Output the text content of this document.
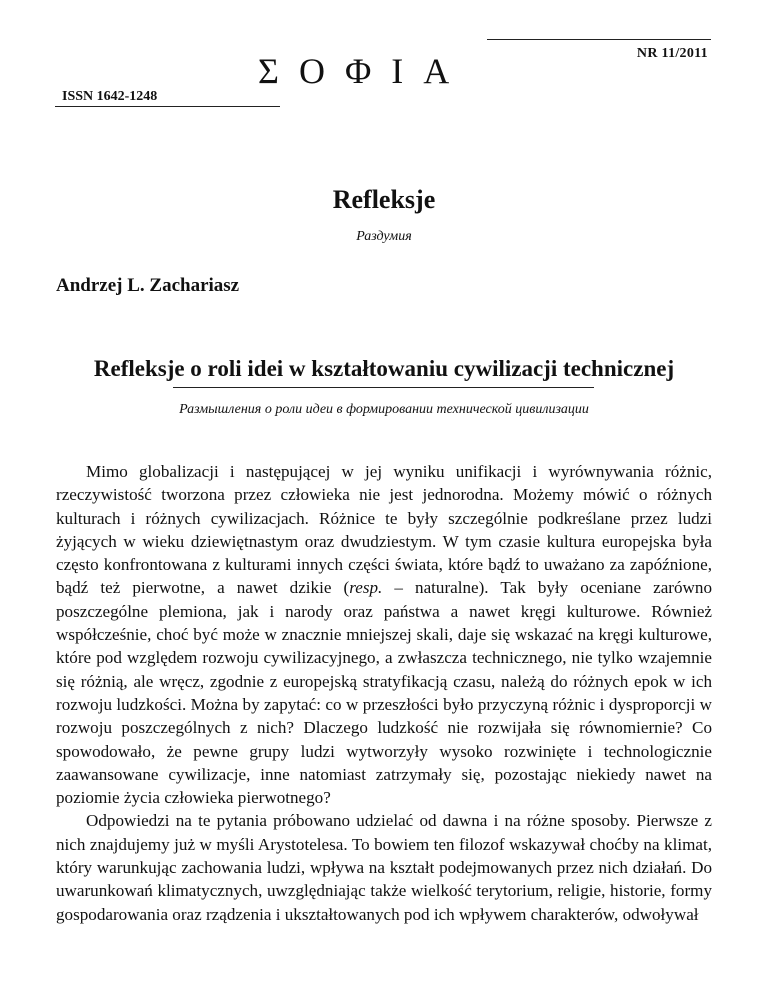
NR 11/2011
ΣΟΦΙΑ
ISSN 1642-1248
Refleksje
Раздумия
Andrzej L. Zachariasz
Refleksje o roli idei w kształtowaniu cywilizacji technicznej
Размышления о роли идеи в формировании технической цивилизации

Mimo globalizacji i następującej w jej wyniku unifikacji i wyrównywania różnic, rzeczywistość tworzona przez człowieka nie jest jednorodna. Możemy mówić o różnych kulturach i różnych cywilizacjach. Różnice te były szczególnie podkreślane przez ludzi żyjących w wieku dziewiętnastym oraz dwudziestym. W tym czasie kultura europejska była często konfrontowana z kulturami innych części świata, które bądź to uważano za zapóźnione, bądź też pierwotne, a nawet dzikie (resp. – naturalne). Tak były oceniane zarówno poszczególne plemiona, jak i narody oraz państwa a nawet kręgi kulturowe. Również współcześnie, choć być może w znacznie mniejszej skali, daje się wskazać na kręgi kulturowe, które pod względem rozwoju cywilizacyjnego, a zwłaszcza technicznego, nie tylko wzajemnie się różnią, ale wręcz, zgodnie z europejską stratyfikacją czasu, należą do różnych epok w ich rozwoju ludzkości. Można by zapytać: co w przeszłości było przyczyną różnic i dysproporcji w rozwoju poszczególnych z nich? Dlaczego ludzkość nie rozwijała się równomiernie? Co spowodowało, że pewne grupy ludzi wytworzyły wysoko rozwinięte i technologicznie zaawansowane cywilizacje, inne natomiast zatrzymały się, pozostając niekiedy nawet na poziomie życia człowieka pierwotnego?

Odpowiedzi na te pytania próbowano udzielać od dawna i na różne sposoby. Pierwsze z nich znajdujemy już w myśli Arystotelesa. To bowiem ten filozof wskazywał choćby na klimat, który warunkując zachowania ludzi, wpływa na kształt podejmowanych przez nich działań. Do uwarunkowań klimatycznych, uwzględniając także wielkość terytorium, religie, historie, formy gospodarowania oraz rządzenia i ukształtowanych pod ich wpływem charakterów, odwoływał
